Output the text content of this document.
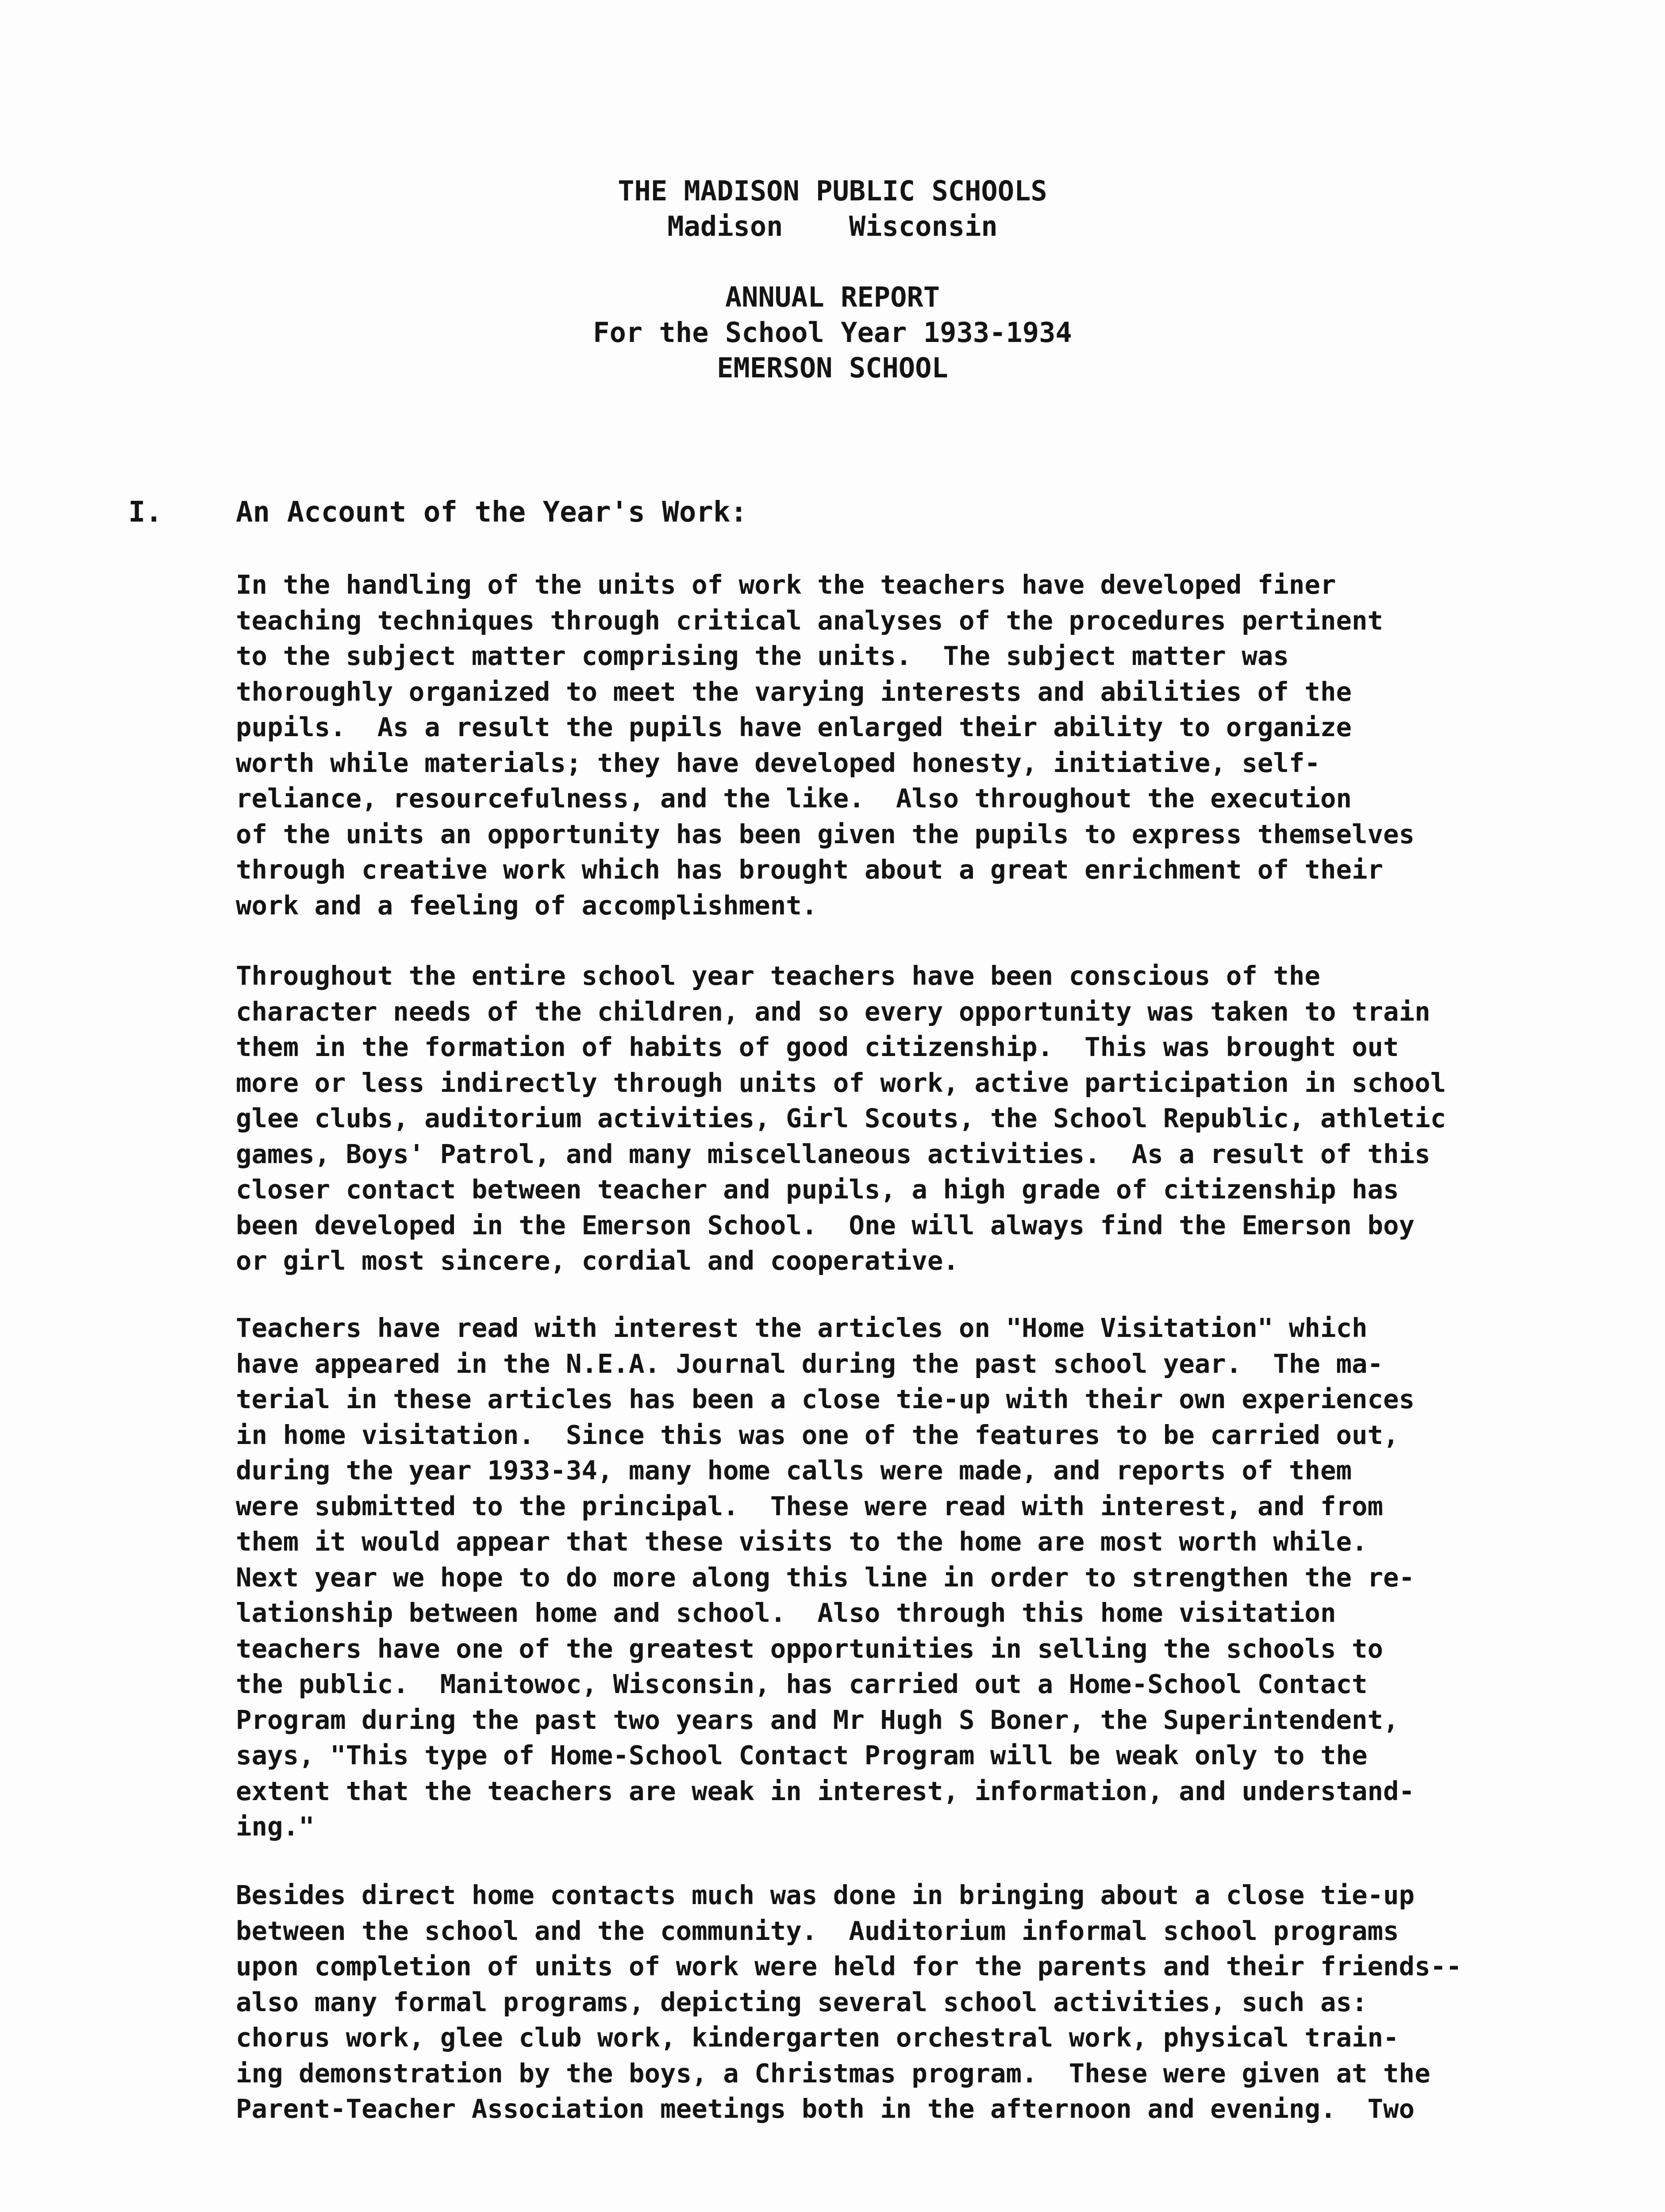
THE MADISON PUBLIC SCHOOLS
Madison    Wisconsin
ANNUAL REPORT
For the School Year 1933-1934
EMERSON SCHOOL
I.	An Account of the Year's Work:
In the handling of the units of work the teachers have developed finer
teaching techniques through critical analyses of the procedures pertinent
to the subject matter comprising the units.  The subject matter was
thoroughly organized to meet the varying interests and abilities of the
pupils.  As a result the pupils have enlarged their ability to organize
worth while materials; they have developed honesty, initiative, self-
reliance, resourcefulness, and the like.  Also throughout the execution
of the units an opportunity has been given the pupils to express themselves
through creative work which has brought about a great enrichment of their
work and a feeling of accomplishment.
Throughout the entire school year teachers have been conscious of the
character needs of the children, and so every opportunity was taken to train
them in the formation of habits of good citizenship.  This was brought out
more or less indirectly through units of work, active participation in school
glee clubs, auditorium activities, Girl Scouts, the School Republic, athletic
games, Boys' Patrol, and many miscellaneous activities.  As a result of this
closer contact between teacher and pupils, a high grade of citizenship has
been developed in the Emerson School.  One will always find the Emerson boy
or girl most sincere, cordial and cooperative.
Teachers have read with interest the articles on "Home Visitation" which
have appeared in the N.E.A. Journal during the past school year.  The ma-
terial in these articles has been a close tie-up with their own experiences
in home visitation.  Since this was one of the features to be carried out,
during the year 1933-34, many home calls were made, and reports of them
were submitted to the principal.  These were read with interest, and from
them it would appear that these visits to the home are most worth while.
Next year we hope to do more along this line in order to strengthen the re-
lationship between home and school.  Also through this home visitation
teachers have one of the greatest opportunities in selling the schools to
the public.  Manitowoc, Wisconsin, has carried out a Home-School Contact
Program during the past two years and Mr Hugh S Boner, the Superintendent,
says, "This type of Home-School Contact Program will be weak only to the
extent that the teachers are weak in interest, information, and understand-
ing."
Besides direct home contacts much was done in bringing about a close tie-up
between the school and the community.  Auditorium informal school programs
upon completion of units of work were held for the parents and their friends--
also many formal programs, depicting several school activities, such as:
chorus work, glee club work, kindergarten orchestral work, physical train-
ing demonstration by the boys, a Christmas program.  These were given at the
Parent-Teacher Association meetings both in the afternoon and evening.  Two
